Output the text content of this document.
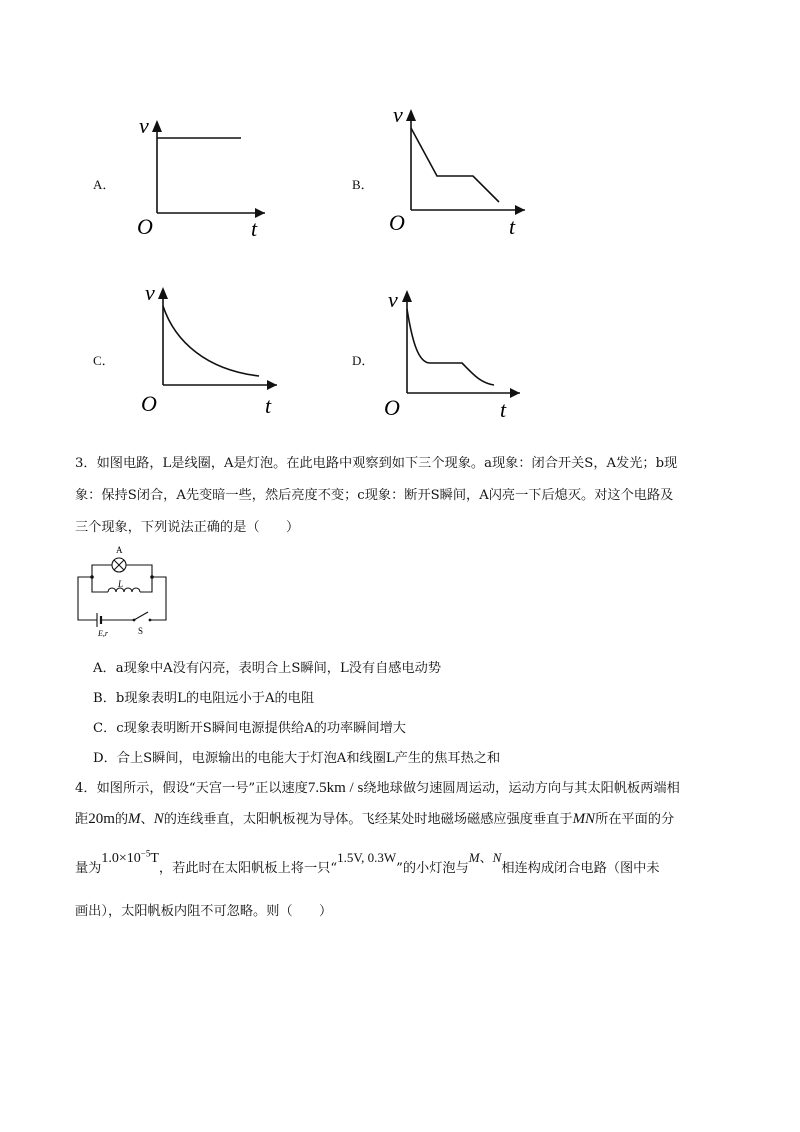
A．
v
O	t
B．
v
O	t
C．
v
O	t
D．
v
O	t
3．如图电路，L是线圈，A是灯泡。在此电路中观察到如下三个现象。a现象：闭合开关S，A发光；b现
象：保持S闭合，A先变暗一些，然后亮度不变；c现象：断开S瞬间，A闪亮一下后熄灭。对这个电路及
三个现象，下列说法正确的是（　　）
A
L
E,r	S
A．a现象中A没有闪亮，表明合上S瞬间，L没有自感电动势
B．b现象表明L的电阻远小于A的电阻
C．c现象表明断开S瞬间电源提供给A的功率瞬间增大
D．合上S瞬间，电源输出的电能大于灯泡A和线圈L产生的焦耳热之和
4．如图所示，假设“天宫一号”正以速度7.5km / s绕地球做匀速圆周运动，运动方向与其太阳帆板两端相
距20m的M、N的连线垂直，太阳帆板视为导体。飞经某处时地磁场磁感应强度垂直于MN所在平面的分
量为$1.0\times 10^{-5}T$，若此时在太阳帆板上将一只“1.5V, 0.3W”的小灯泡与M、N相连构成闭合电路（图中未
画出），太阳帆板内阻不可忽略。则（　　）
